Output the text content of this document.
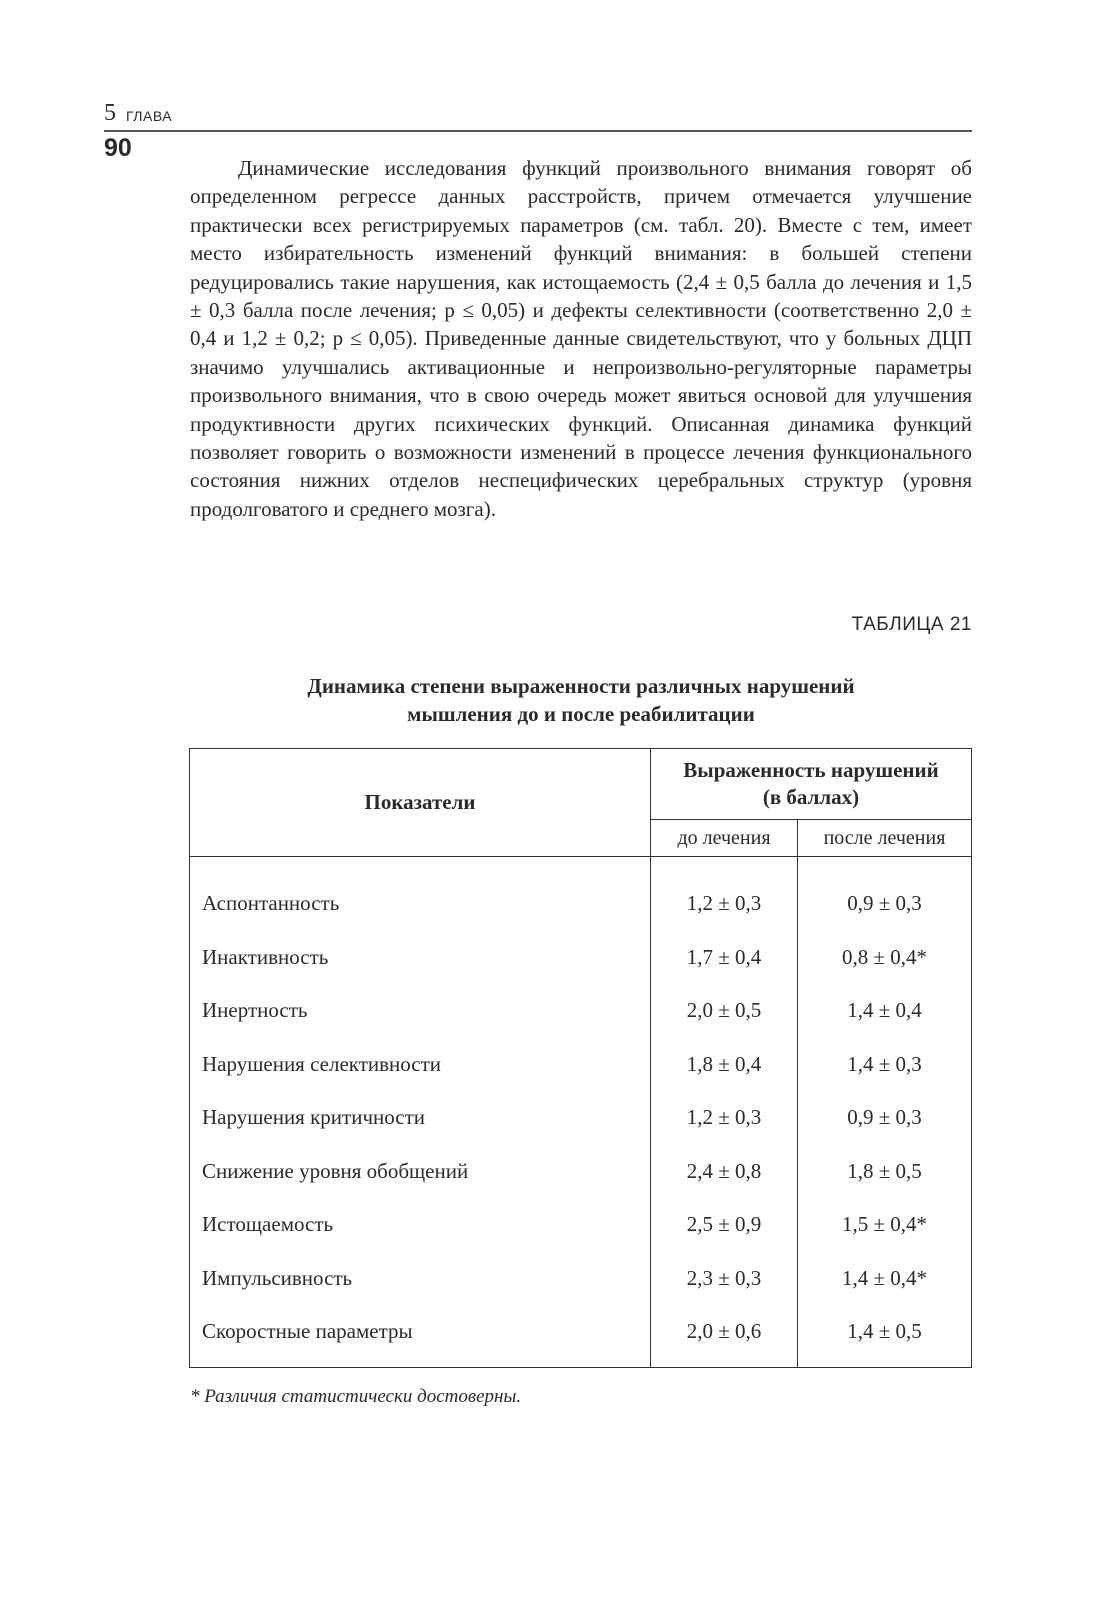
5 ГЛАВА
90

Динамические исследования функций произвольного внимания говорят об определенном регрессе данных расстройств, причем отмечается улучшение практически всех регистрируемых параметров (см. табл. 20). Вместе с тем, имеет место избирательность изменений функций внимания: в большей степени редуцировались такие нарушения, как истощаемость (2,4 ± 0,5 балла до лечения и 1,5 ± 0,3 балла после лечения; p ≤ 0,05) и дефекты селективности (соответственно 2,0 ± 0,4 и 1,2 ± 0,2; p ≤ 0,05). Приведенные данные свидетельствуют, что у больных ДЦП значимо улучшались активационные и непроизвольно-регуляторные параметры произвольного внимания, что в свою очередь может явиться основой для улучшения продуктивности других психических функций. Описанная динамика функций позволяет говорить о возможности изменений в процессе лечения функционального состояния нижних отделов неспецифических церебральных структур (уровня продолговатого и среднего мозга).

ТАБЛИЦА 21
Динамика степени выраженности различных нарушений
мышления до и после реабилитации
Показатели	Выраженность нарушений
(в баллах)	

	до лечения	после лечения
Аспонтанность	1,2 ± 0,3	0,9 ± 0,3
Инактивность	1,7 ± 0,4	0,8 ± 0,4*
Инертность	2,0 ± 0,5	1,4 ± 0,4
Нарушения селективности	1,8 ± 0,4	1,4 ± 0,3
Нарушения критичности	1,2 ± 0,3	0,9 ± 0,3
Снижение уровня обобщений	2,4 ± 0,8	1,8 ± 0,5
Истощаемость	2,5 ± 0,9	1,5 ± 0,4*
Импульсивность	2,3 ± 0,3	1,4 ± 0,4*
Скоростные параметры	2,0 ± 0,6	1,4 ± 0,5
* Различия статистически достоверны.
